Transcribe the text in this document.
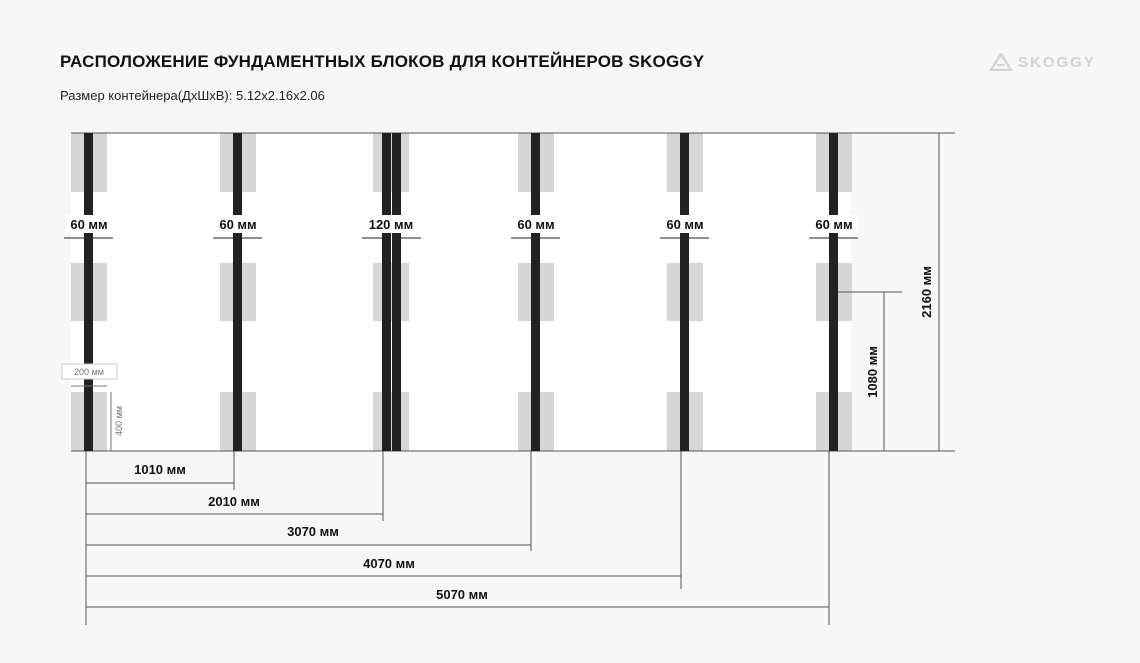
РАСПОЛОЖЕНИЕ ФУНДАМЕНТНЫХ БЛОКОВ ДЛЯ КОНТЕЙНЕРОВ SKOGGY
Размер контейнера(ДхШхВ): 5.12x2.16x2.06
SKOGGY
60 мм	60 мм	120 мм	60 мм	60 мм	60 мм
200 мм
400 мм
1080 мм
2160 мм
1010 мм
2010 мм
3070 мм
4070 мм
5070 мм
